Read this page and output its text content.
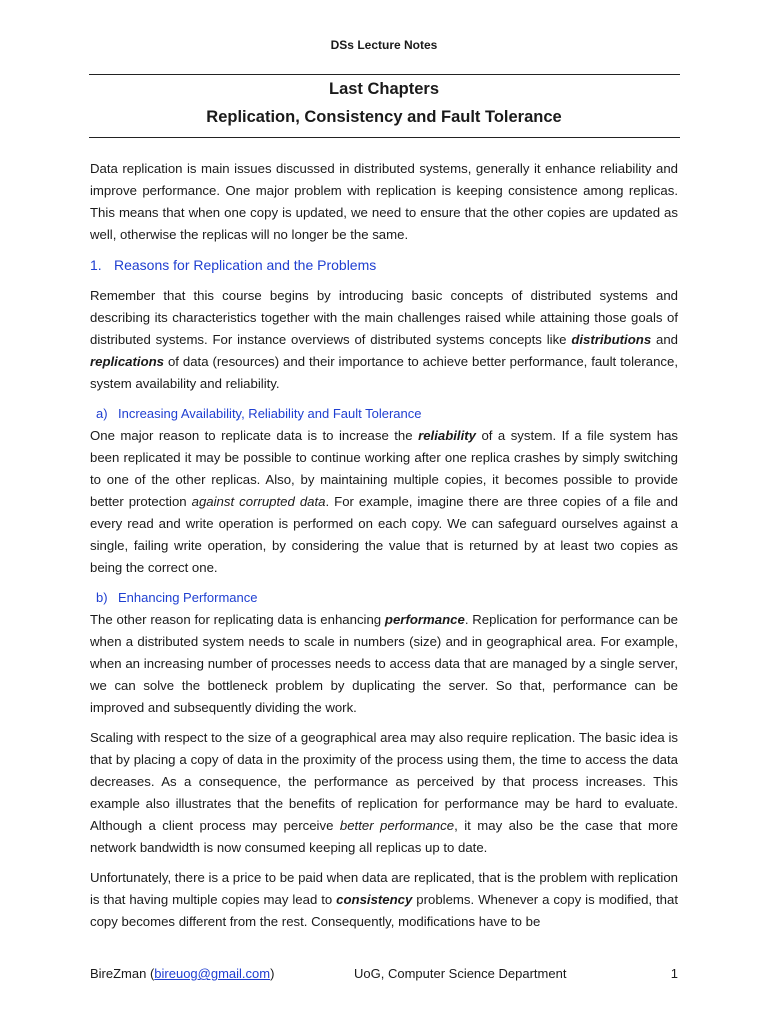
DSs Lecture Notes
Last Chapters
Replication, Consistency and Fault Tolerance

Data replication is main issues discussed in distributed systems, generally it enhance reliability and improve performance. One major problem with replication is keeping consistence among replicas. This means that when one copy is updated, we need to ensure that the other copies are updated as well, otherwise the replicas will no longer be the same.

1. Reasons for Replication and the Problems

Remember that this course begins by introducing basic concepts of distributed systems and describing its characteristics together with the main challenges raised while attaining those goals of distributed systems. For instance overviews of distributed systems concepts like distributions and replications of data (resources) and their importance to achieve better performance, fault tolerance, system availability and reliability.

a) Increasing Availability, Reliability and Fault Tolerance

One major reason to replicate data is to increase the reliability of a system. If a file system has been replicated it may be possible to continue working after one replica crashes by simply switching to one of the other replicas. Also, by maintaining multiple copies, it becomes possible to provide better protection against corrupted data. For example, imagine there are three copies of a file and every read and write operation is performed on each copy. We can safeguard ourselves against a single, failing write operation, by considering the value that is returned by at least two copies as being the correct one.

b) Enhancing Performance

The other reason for replicating data is enhancing performance. Replication for performance can be when a distributed system needs to scale in numbers (size) and in geographical area. For example, when an increasing number of processes needs to access data that are managed by a single server, we can solve the bottleneck problem by duplicating the server. So that, performance can be improved and subsequently dividing the work.

Scaling with respect to the size of a geographical area may also require replication. The basic idea is that by placing a copy of data in the proximity of the process using them, the time to access the data decreases. As a consequence, the performance as perceived by that process increases. This example also illustrates that the benefits of replication for performance may be hard to evaluate. Although a client process may perceive better performance, it may also be the case that more network bandwidth is now consumed keeping all replicas up to date.

Unfortunately, there is a price to be paid when data are replicated, that is the problem with replication is that having multiple copies may lead to consistency problems. Whenever a copy is modified, that copy becomes different from the rest. Consequently, modifications have to be

BireZman (bireuog@gmail.com)	UoG, Computer Science Department	1
